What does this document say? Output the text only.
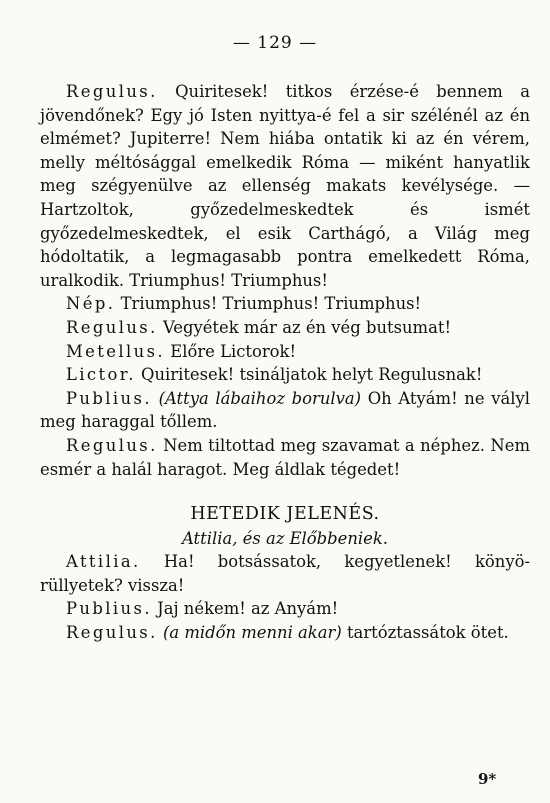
— 129 —

Regulus. Quiritesek! titkos érzése-é bennem a jövendőnek? Egy jó Isten nyittya-é fel a sir szélénél az én elmémet? Jupiterre! Nem hiába ontatik ki az én vérem, melly méltósággal emelkedik Róma — miként hanyatlik meg szégyenülve az ellenség makats kevélysége. — Hartzoltok, győzedelmeskedtek és ismét győzedelmeskedtek, el esik Carthágó, a Világ meg hódoltatik, a legmagasabb pontra emelkedett Róma, uralkodik. Triumphus! Triumphus!

Nép. Triumphus! Triumphus! Triumphus!

Regulus. Vegyétek már az én vég butsumat!

Metellus. Előre Lictorok!

Lictor. Quiritesek! tsináljatok helyt Regulusnak!

Publius. (Attya lábaihoz borulva) Oh Atyám! ne vályl meg haraggal tőllem.

Regulus. Nem tiltottad meg szavamat a néphez. Nem esmér a halál haragot. Meg áldlak tégedet!

HETEDIK JELENÉS.
Attilia, és az Előbbeniek.

Attilia. Ha! botsássatok, kegyetlenek! könyörüllyetek? vissza!

Publius. Jaj nékem! az Anyám!

Regulus. (a midőn menni akar) tartóztassátok ötet.

9*
